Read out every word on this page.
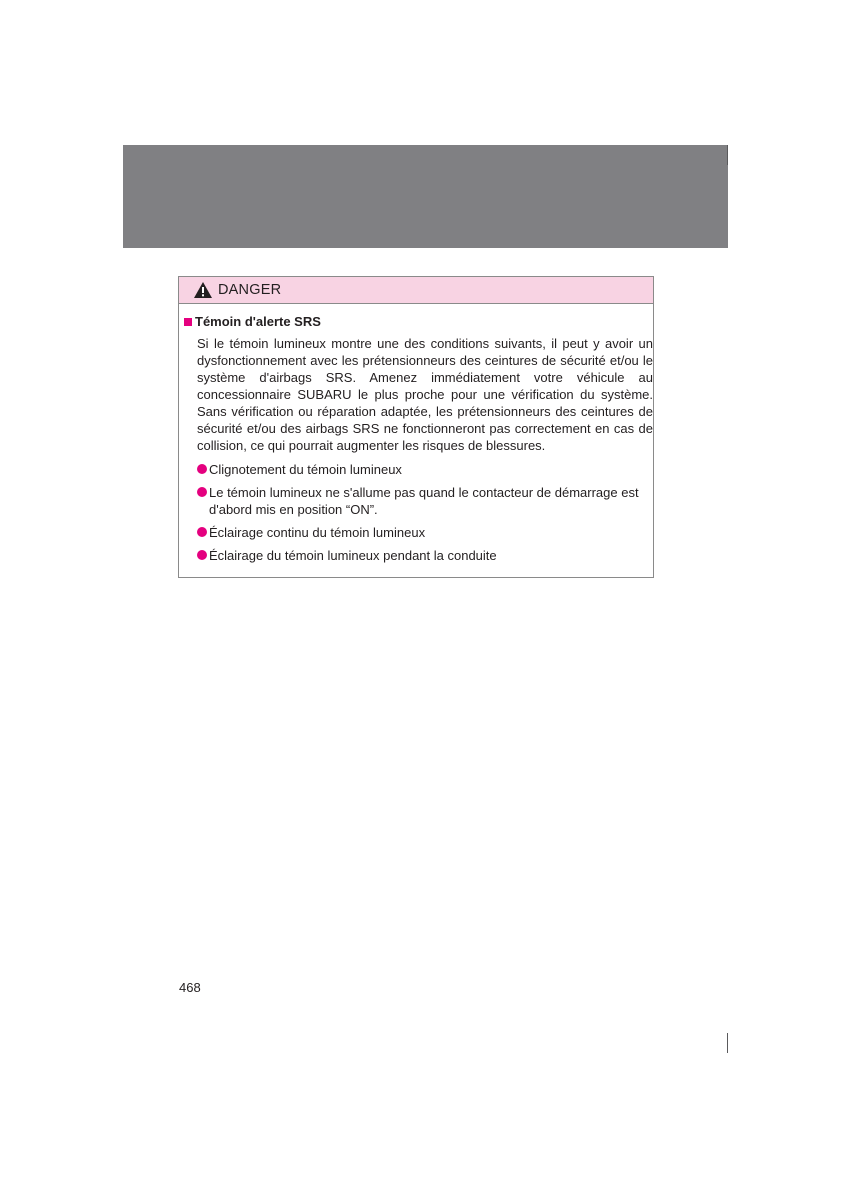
DANGER
Témoin d'alerte SRS

Si le témoin lumineux montre une des conditions suivants, il peut y avoir un dysfonctionnement avec les prétensionneurs des ceintures de sécurité et/ou le système d'airbags SRS. Amenez immédiatement votre véhicule au concessionnaire SUBARU le plus proche pour une vérification du système. Sans vérification ou réparation adaptée, les prétensionneurs des ceintures de sécurité et/ou des airbags SRS ne fonctionneront pas correctement en cas de collision, ce qui pourrait augmenter les risques de blessures.

Clignotement du témoin lumineux
Le témoin lumineux ne s'allume pas quand le contacteur de démarrage est d'abord mis en position “ON”.
Éclairage continu du témoin lumineux
Éclairage du témoin lumineux pendant la conduite
468
